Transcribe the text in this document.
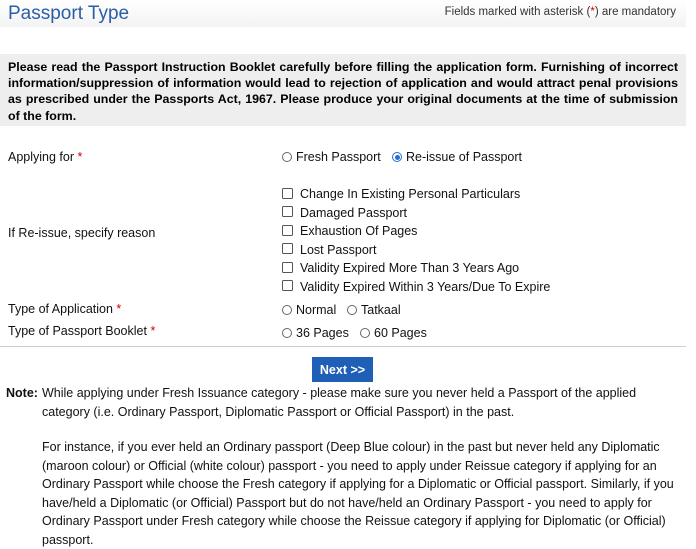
Passport Type	Fields marked with asterisk (*) are mandatory

Please read the Passport Instruction Booklet carefully before filling the application form. Furnishing of incorrect information/suppression of information would lead to rejection of application and would attract penal provisions as prescribed under the Passports Act, 1967. Please produce your original documents at the time of submission of the form.

Applying for *	Fresh Passport Re-issue of Passport
If Re-issue, specify reason
Change In Existing Personal Particulars
Damaged Passport
Exhaustion Of Pages
Lost Passport
Validity Expired More Than 3 Years Ago
Validity Expired Within 3 Years/Due To Expire
Type of Application *	Normal Tatkaal
Type of Passport Booklet *	36 Pages 60 Pages
Next >>
Note: While applying under Fresh Issuance category - please make sure you never held a Passport of the applied category (i.e. Ordinary Passport, Diplomatic Passport or Official Passport) in the past.

For instance, if you ever held an Ordinary passport (Deep Blue colour) in the past but never held any Diplomatic (maroon colour) or Official (white colour) passport - you need to apply under Reissue category if applying for an Ordinary Passport while choose the Fresh category if applying for a Diplomatic or Official passport. Similarly, if you have/held a Diplomatic (or Official) Passport but do not have/held an Ordinary Passport - you need to apply for Ordinary Passport under Fresh category while choose the Reissue category if applying for Diplomatic (or Official) passport.
